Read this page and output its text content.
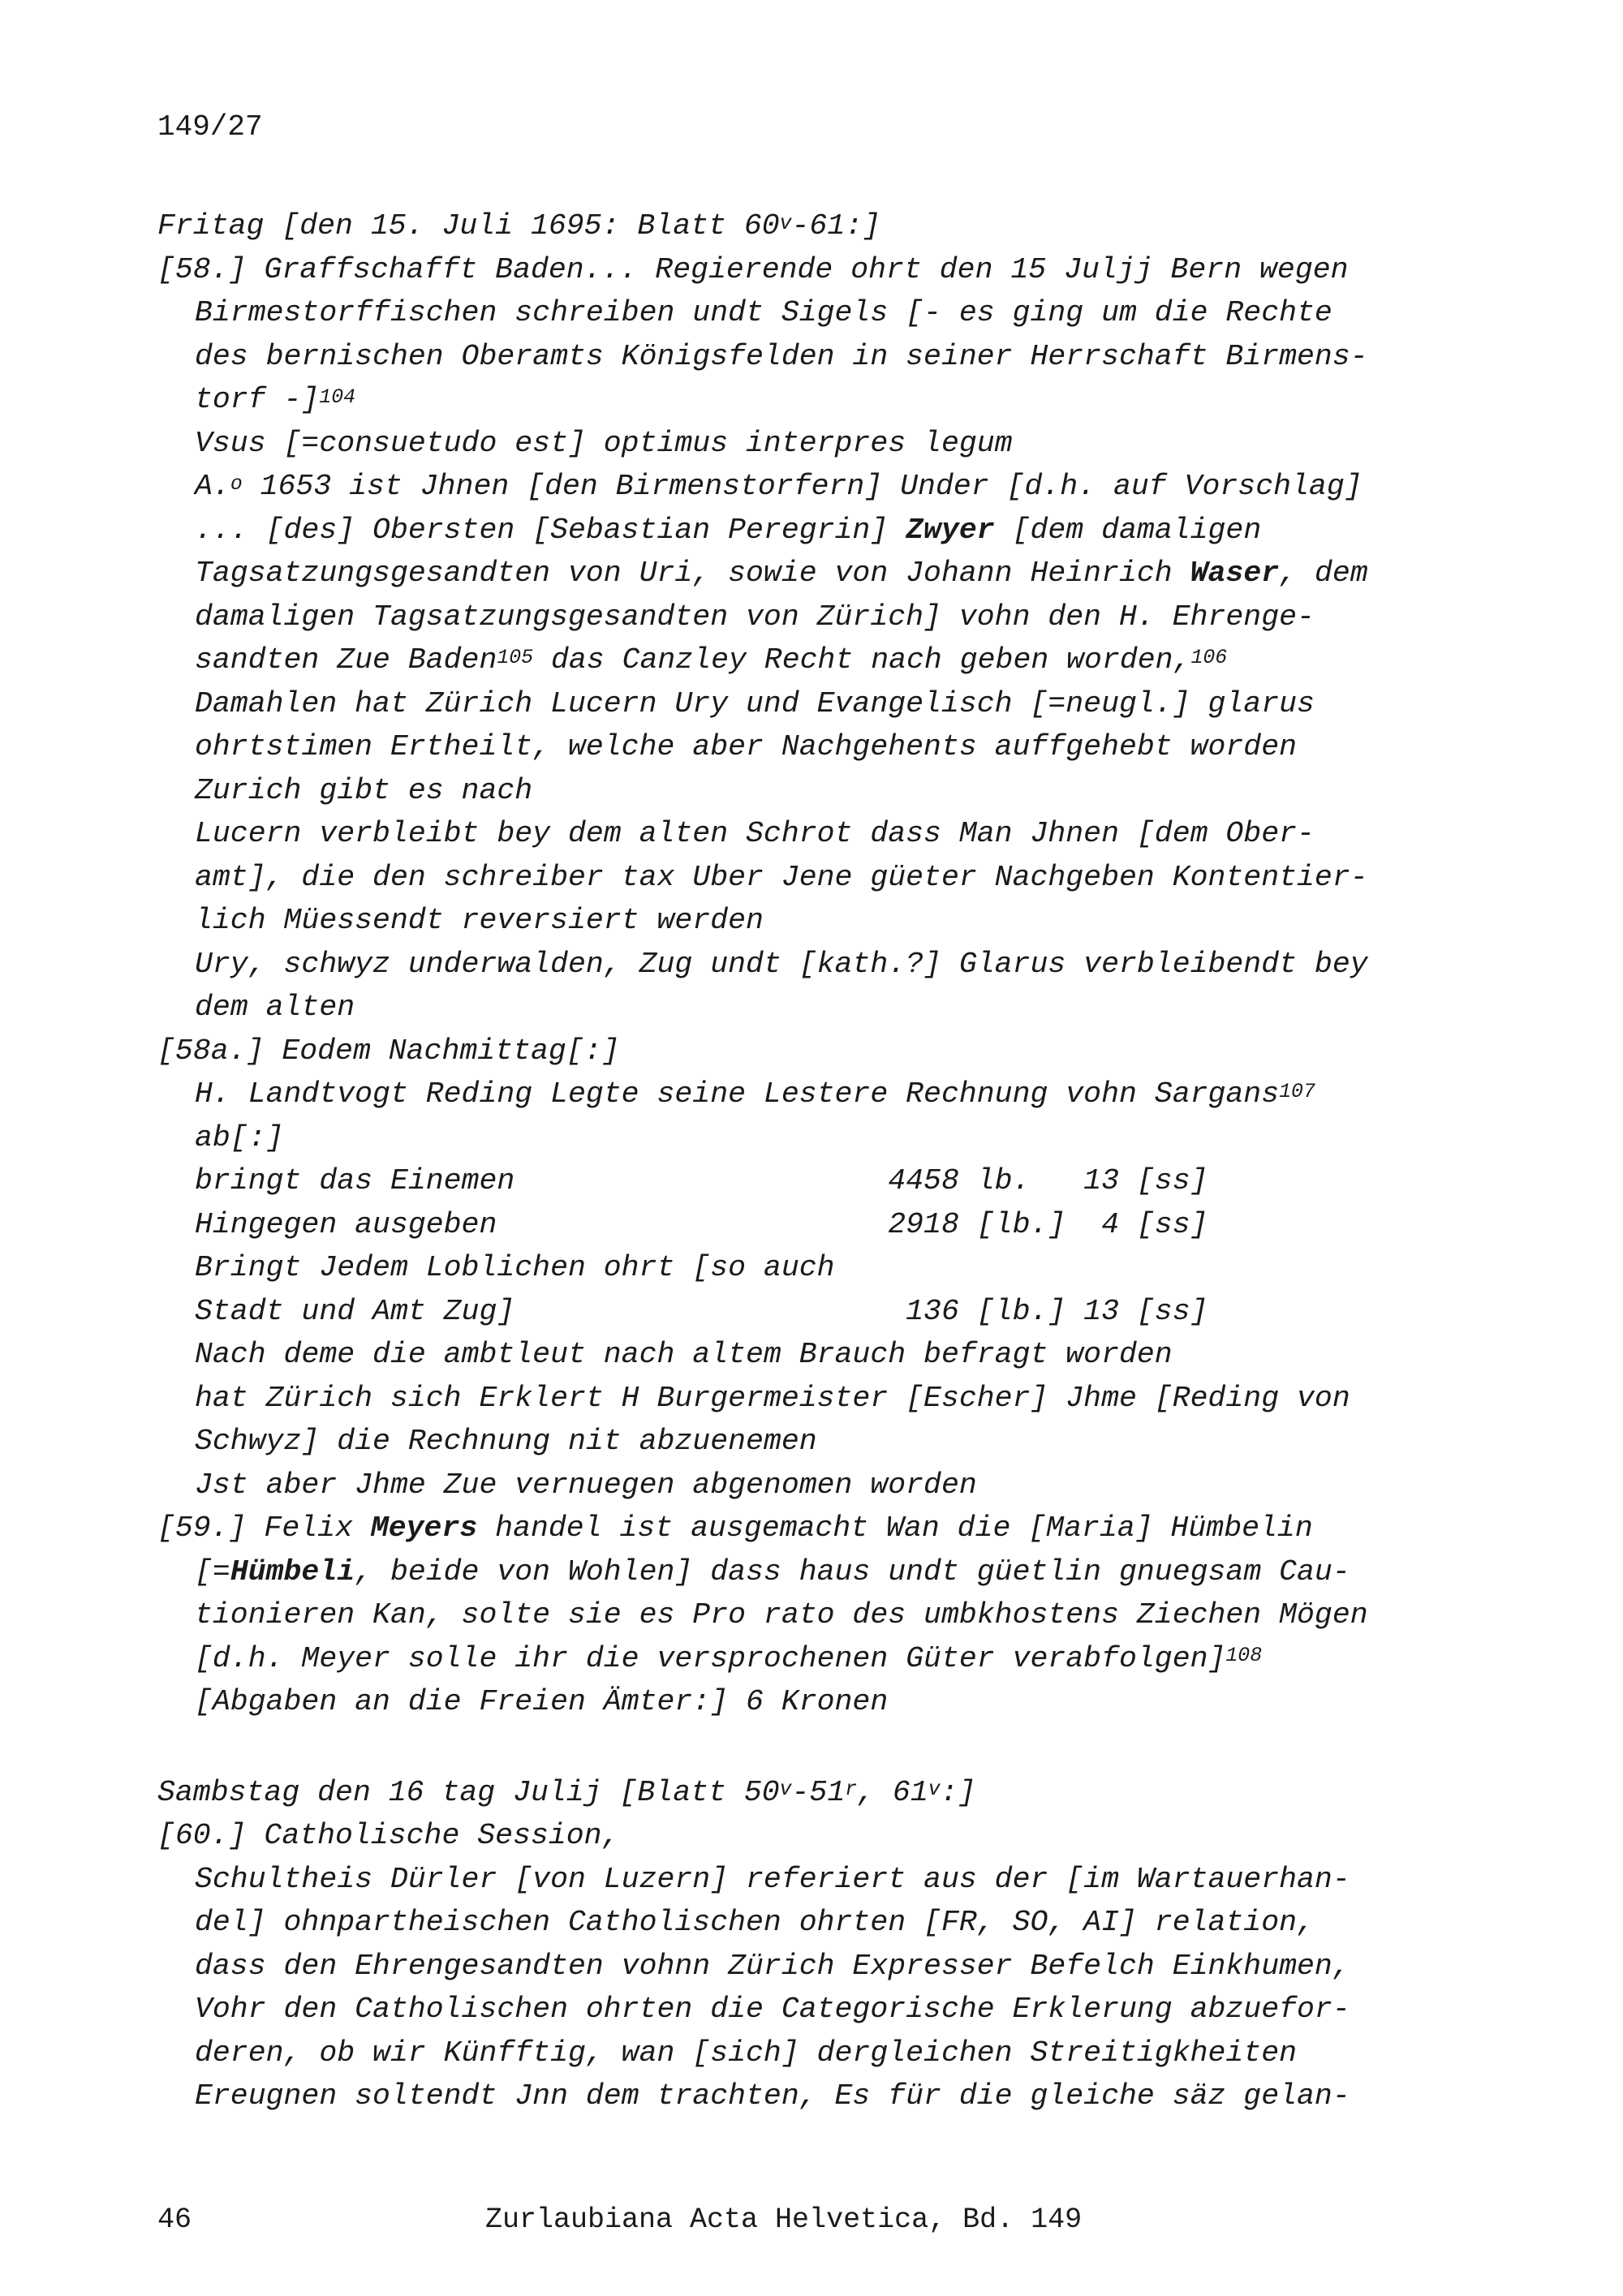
149/27
Fritag [den 15. Juli 1695: Blatt 60$^v$-61:]
[58.] Graffschafft Baden... Regierende ohrt den 15 Juljj Bern wegen
Birmestorffischen schreiben undt Sigels [- es ging um die Rechte
des bernischen Oberamts Königsfelden in seiner Herrschaft Birmens-
torf -]$^{104}$
Vsus [=consuetudo est] optimus interpres legum
A.$^o$ 1653 ist Jhnen [den Birmenstorfern] Under [d.h. auf Vorschlag]
... [des] Obersten [Sebastian Peregrin] Zwyer [dem damaligen
Tagsatzungsgesandten von Uri, sowie von Johann Heinrich Waser, dem
damaligen Tagsatzungsgesandten von Zürich] vohn den H. Ehrenge-
sandten Zue Baden$^{105}$ das Canzley Recht nach geben worden,$^{106}$
Damahlen hat Zürich Lucern Ury und Evangelisch [=neugl.] glarus
ohrtstimen Ertheilt, welche aber Nachgehents auffgehebt worden
Zurich gibt es nach
Lucern verbleibt bey dem alten Schrot dass Man Jhnen [dem Ober-
amt], die den schreiber tax Uber Jene güeter Nachgeben Kontentier-
lich Müessendt reversiert werden
Ury, schwyz underwalden, Zug undt [kath.?] Glarus verbleibendt bey
dem alten
[58a.] Eodem Nachmittag[:]
H. Landtvogt Reding Legte seine Lestere Rechnung vohn Sargans$^{107}$
ab[:]
bringt das Einemen                     4458 lb.   13 [ss]
Hingegen ausgeben                      2918 [lb.]  4 [ss]
Bringt Jedem Loblichen ohrt [so auch
Stadt und Amt Zug]                      136 [lb.] 13 [ss]
Nach deme die ambtleut nach altem Brauch befragt worden
hat Zürich sich Erklert H Burgermeister [Escher] Jhme [Reding von
Schwyz] die Rechnung nit abzuenemen
Jst aber Jhme Zue vernuegen abgenomen worden
[59.] Felix Meyers handel ist ausgemacht Wan die [Maria] Hümbelin
[=Hümbeli, beide von Wohlen] dass haus undt güetlin gnuegsam Cau-
tionieren Kan, solte sie es Pro rato des umbkhostens Ziechen Mögen
[d.h. Meyer solle ihr die versprochenen Güter verabfolgen]$^{108}$
[Abgaben an die Freien Ämter:] 6 Kronen
Sambstag den 16 tag Julij [Blatt 50$^v$-51$^r$, 61$^v$:]
[60.] Catholische Session,
Schultheis Dürler [von Luzern] referiert aus der [im Wartauerhan-
del] ohnpartheischen Catholischen ohrten [FR, SO, AI] relation,
dass den Ehrengesandten vohnn Zürich Expresser Befelch Einkhumen,
Vohr den Catholischen ohrten die Categorische Erklerung abzuefor-
deren, ob wir Künfftig, wan [sich] dergleichen Streitigkheiten
Ereugnen soltendt Jnn dem trachten, Es für die gleiche säz gelan-
46	Zurlaubiana Acta Helvetica, Bd. 149
